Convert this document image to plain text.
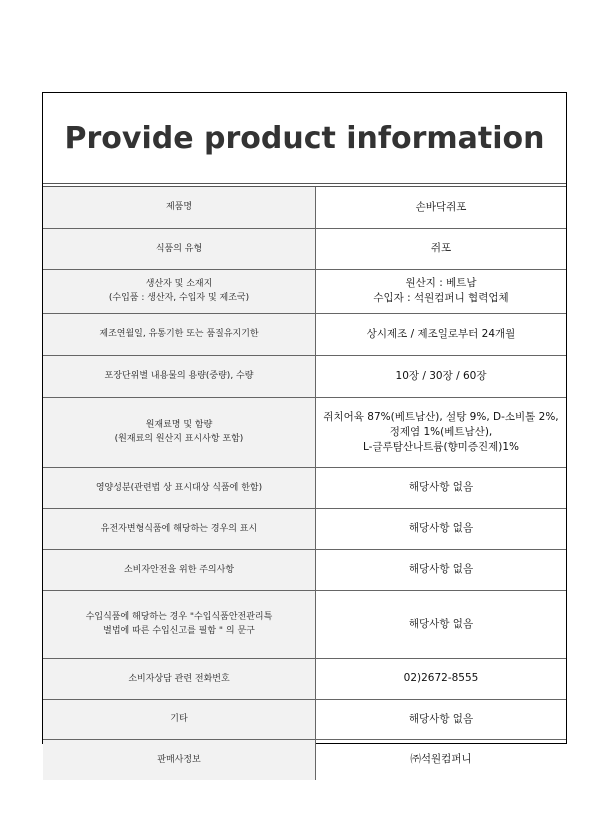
Provide product information
제품명	손바닥쥐포

식품의 유형	쥐포

생산자 및 소재지
(수입품 : 생산자, 수입자 및 제조국)	원산지 : 베트남
수입자 : 석원컴퍼니 협력업체

제조연월일, 유통기한 또는 품질유지기한	상시제조 / 제조일로부터 24개월

포장단위별 내용물의 용량(중량), 수량	10장 / 30장 / 60장

원재료명 및 함량
(원재료의 원산지 표시사항 포함)	쥐치어육 87%(베트남산), 설탕 9%, D-소비톨 2%,
정제염 1%(베트남산),
L-글루탐산나트륨(향미증진제)1%

영양성분(관련법 상 표시대상 식품에 한함)	해당사항 없음

유전자변형식품에 해당하는 경우의 표시	해당사항 없음

소비자안전을 위한 주의사항	해당사항 없음

수입식품에 해당하는 경우 "수입식품안전관리특
별법에 따른 수입신고를 필함 " 의 문구	해당사항 없음

소비자상담 관련 전화번호	02)2672-8555

기타	해당사항 없음

판매사정보	㈜석원컴퍼니
